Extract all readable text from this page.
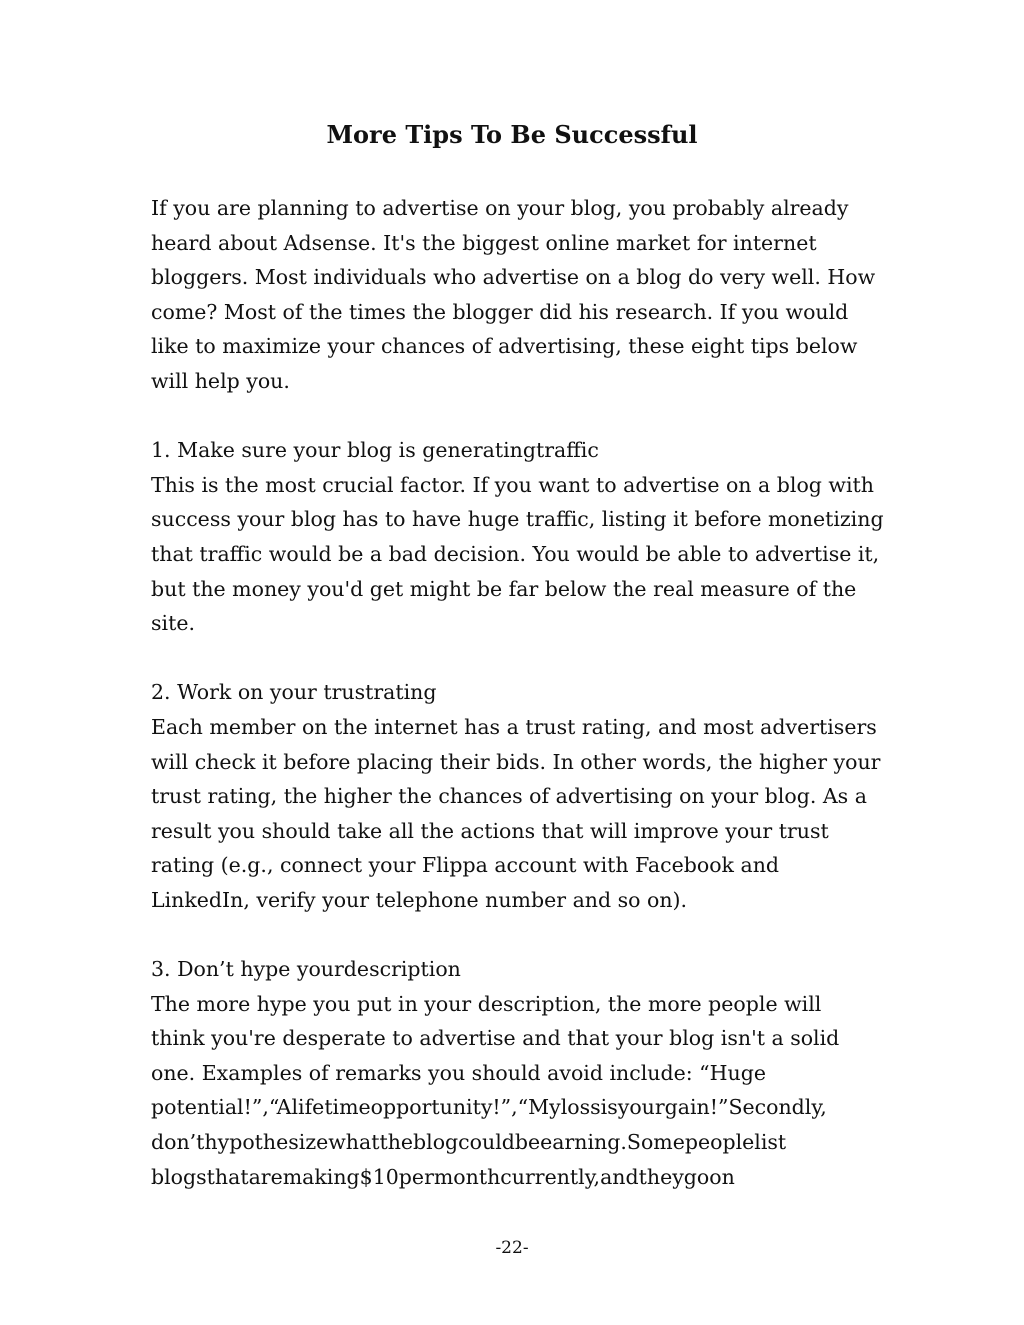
More Tips To Be Successful
If you are planning to advertise on your blog, you probably already
heard about Adsense. It's the biggest online market for internet
bloggers. Most individuals who advertise on a blog do very well. How
come? Most of the times the blogger did his research. If you would
like to maximize your chances of advertising, these eight tips below
will help you.
1. Make sure your blog is generatingtraffic
This is the most crucial factor. If you want to advertise on a blog with
success your blog has to have huge traffic, listing it before monetizing
that traffic would be a bad decision. You would be able to advertise it,
but the money you'd get might be far below the real measure of the
site.
2. Work on your trustrating
Each member on the internet has a trust rating, and most advertisers
will check it before placing their bids. In other words, the higher your
trust rating, the higher the chances of advertising on your blog. As a
result you should take all the actions that will improve your trust
rating (e.g., connect your Flippa account with Facebook and
LinkedIn, verify your telephone number and so on).
3. Don’t hype yourdescription
The more hype you put in your description, the more people will
think you're desperate to advertise and that your blog isn't a solid
one. Examples of remarks you should avoid include: “Huge
potential!”,“Alifetimeopportunity!”,“Mylossisyourgain!”Secondly,
don’thypothesizewhattheblogcouldbeearning.Somepeoplelist
blogsthataremaking$10permonthcurrently,andtheygoon
-22-
